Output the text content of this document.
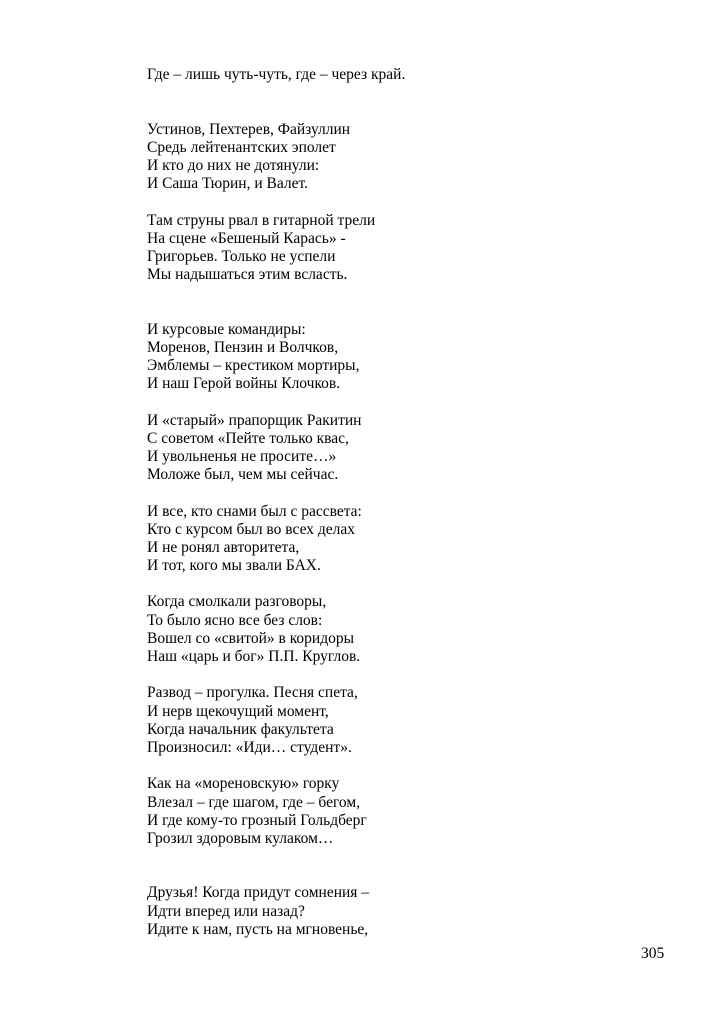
Где – лишь чуть-чуть, где – через край.
Устинов, Пехтерев, Файзуллин
Средь лейтенантских эполет
И кто до них не дотянули:
И Саша Тюрин, и Валет.
Там струны рвал в гитарной трели
На сцене «Бешеный Карась» -
Григорьев. Только не успели
Мы надышаться этим всласть.
И курсовые командиры:
Моренов, Пензин и Волчков,
Эмблемы – крестиком мортиры,
И наш Герой войны Клочков.
И «старый» прапорщик Ракитин
С советом «Пейте только квас,
И увольненья не просите…»
Моложе был, чем мы сейчас.
И все, кто снами был с рассвета:
Кто с курсом был во всех делах
И не ронял авторитета,
И тот, кого мы звали БАХ.
Когда смолкали разговоры,
То было ясно все без слов:
Вошел со «свитой» в коридоры
Наш «царь и бог» П.П. Круглов.
Развод – прогулка. Песня спета,
И нерв щекочущий момент,
Когда начальник факультета
Произносил: «Иди… студент».
Как на «мореновскую» горку
Влезал – где шагом, где – бегом,
И где кому-то грозный Гольдберг
Грозил здоровым кулаком…
Друзья! Когда придут сомнения –
Идти вперед или назад?
Идите к нам, пусть на мгновенье,
305
